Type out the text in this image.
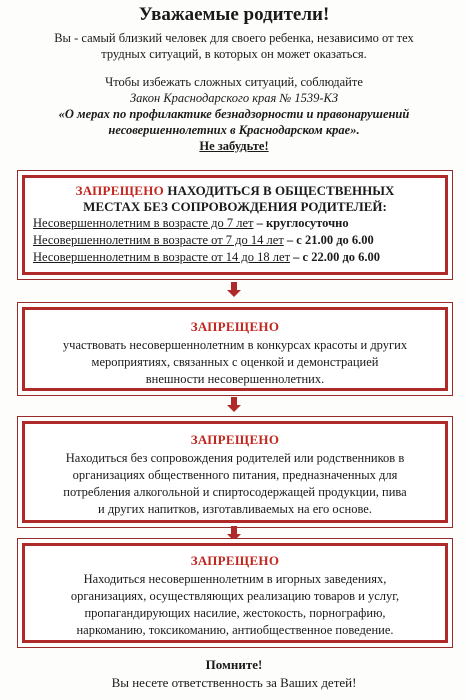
Уважаемые родители!
Вы - самый близкий человек для своего ребенка, независимо от тех
трудных ситуаций, в которых он может оказаться.
Чтобы избежать сложных ситуаций, соблюдайте
Закон Краснодарского края № 1539-КЗ
«О мерах по профилактике безнадзорности и правонарушений
несовершеннолетних в Краснодарском крае».
Не забудьте!
ЗАПРЕЩЕНО НАХОДИТЬСЯ В ОБЩЕСТВЕННЫХ
МЕСТАХ БЕЗ СОПРОВОЖДЕНИЯ РОДИТЕЛЕЙ:
Несовершеннолетним в возрасте до 7 лет – круглосуточно
Несовершеннолетним в возрасте от 7 до 14 лет – с 21.00 до 6.00
Несовершеннолетним в возрасте от 14 до 18 лет – с 22.00 до 6.00
ЗАПРЕЩЕНО
участвовать несовершеннолетним в конкурсах красоты и других
мероприятиях, связанных с оценкой и демонстрацией
внешности несовершеннолетних.
ЗАПРЕЩЕНО
Находиться без сопровождения родителей или родственников в
организациях общественного питания, предназначенных для
потребления алкогольной и спиртосодержащей продукции, пива
и других напитков, изготавливаемых на его основе.
ЗАПРЕЩЕНО
Находиться несовершеннолетним в игорных заведениях,
организациях, осуществляющих реализацию товаров и услуг,
пропагандирующих насилие, жестокость, порнографию,
наркоманию, токсикоманию, антиобщественное поведение.
Помните!
Вы несете ответственность за Ваших детей!
